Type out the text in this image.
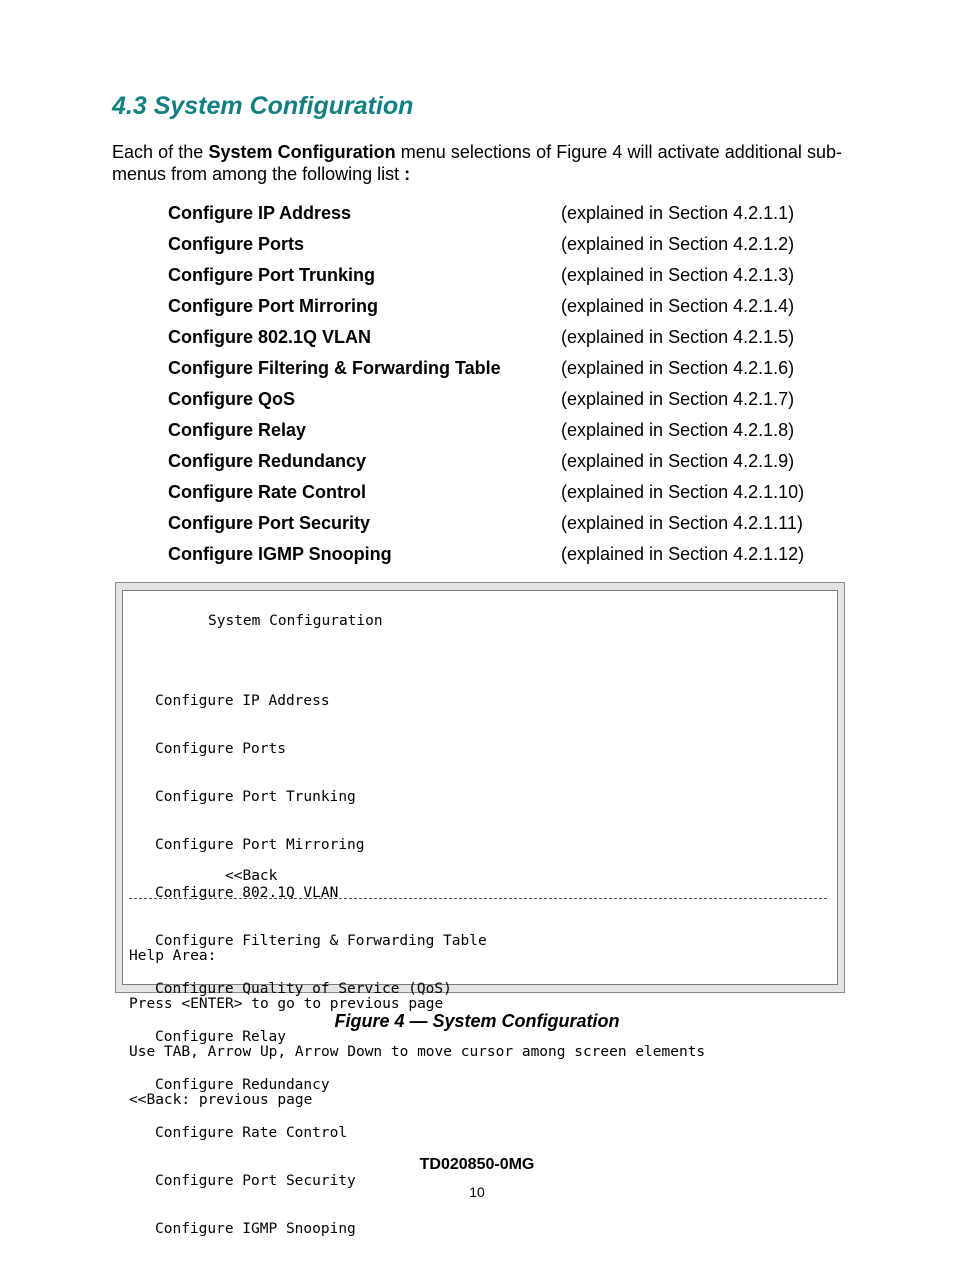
4.3 System Configuration
Each of the System Configuration menu selections of Figure 4 will activate additional sub-menus from among the following list :
Configure IP Address	(explained in Section 4.2.1.1)
Configure Ports	(explained in Section 4.2.1.2)
Configure Port Trunking	(explained in Section 4.2.1.3)
Configure Port Mirroring	(explained in Section 4.2.1.4)
Configure 802.1Q VLAN	(explained in Section 4.2.1.5)
Configure Filtering & Forwarding Table	(explained in Section 4.2.1.6)
Configure QoS	(explained in Section 4.2.1.7)
Configure Relay	(explained in Section 4.2.1.8)
Configure Redundancy	(explained in Section 4.2.1.9)
Configure Rate Control	(explained in Section 4.2.1.10)
Configure Port Security	(explained in Section 4.2.1.11)
Configure IGMP Snooping	(explained in Section 4.2.1.12)
System Configuration

Configure IP Address

Configure Ports

Configure Port Trunking

Configure Port Mirroring

Configure 802.1Q VLAN

Configure Filtering & Forwarding Table

Configure Quality of Service (QoS)

Configure Relay

Configure Redundancy

Configure Rate Control

Configure Port Security

Configure IGMP Snooping

<<Back

Help Area:

Press <ENTER> to go to previous page

Use TAB, Arrow Up, Arrow Down to move cursor among screen elements

<<Back: previous page

Figure 4 — System Configuration
TD020850-0MG
10
